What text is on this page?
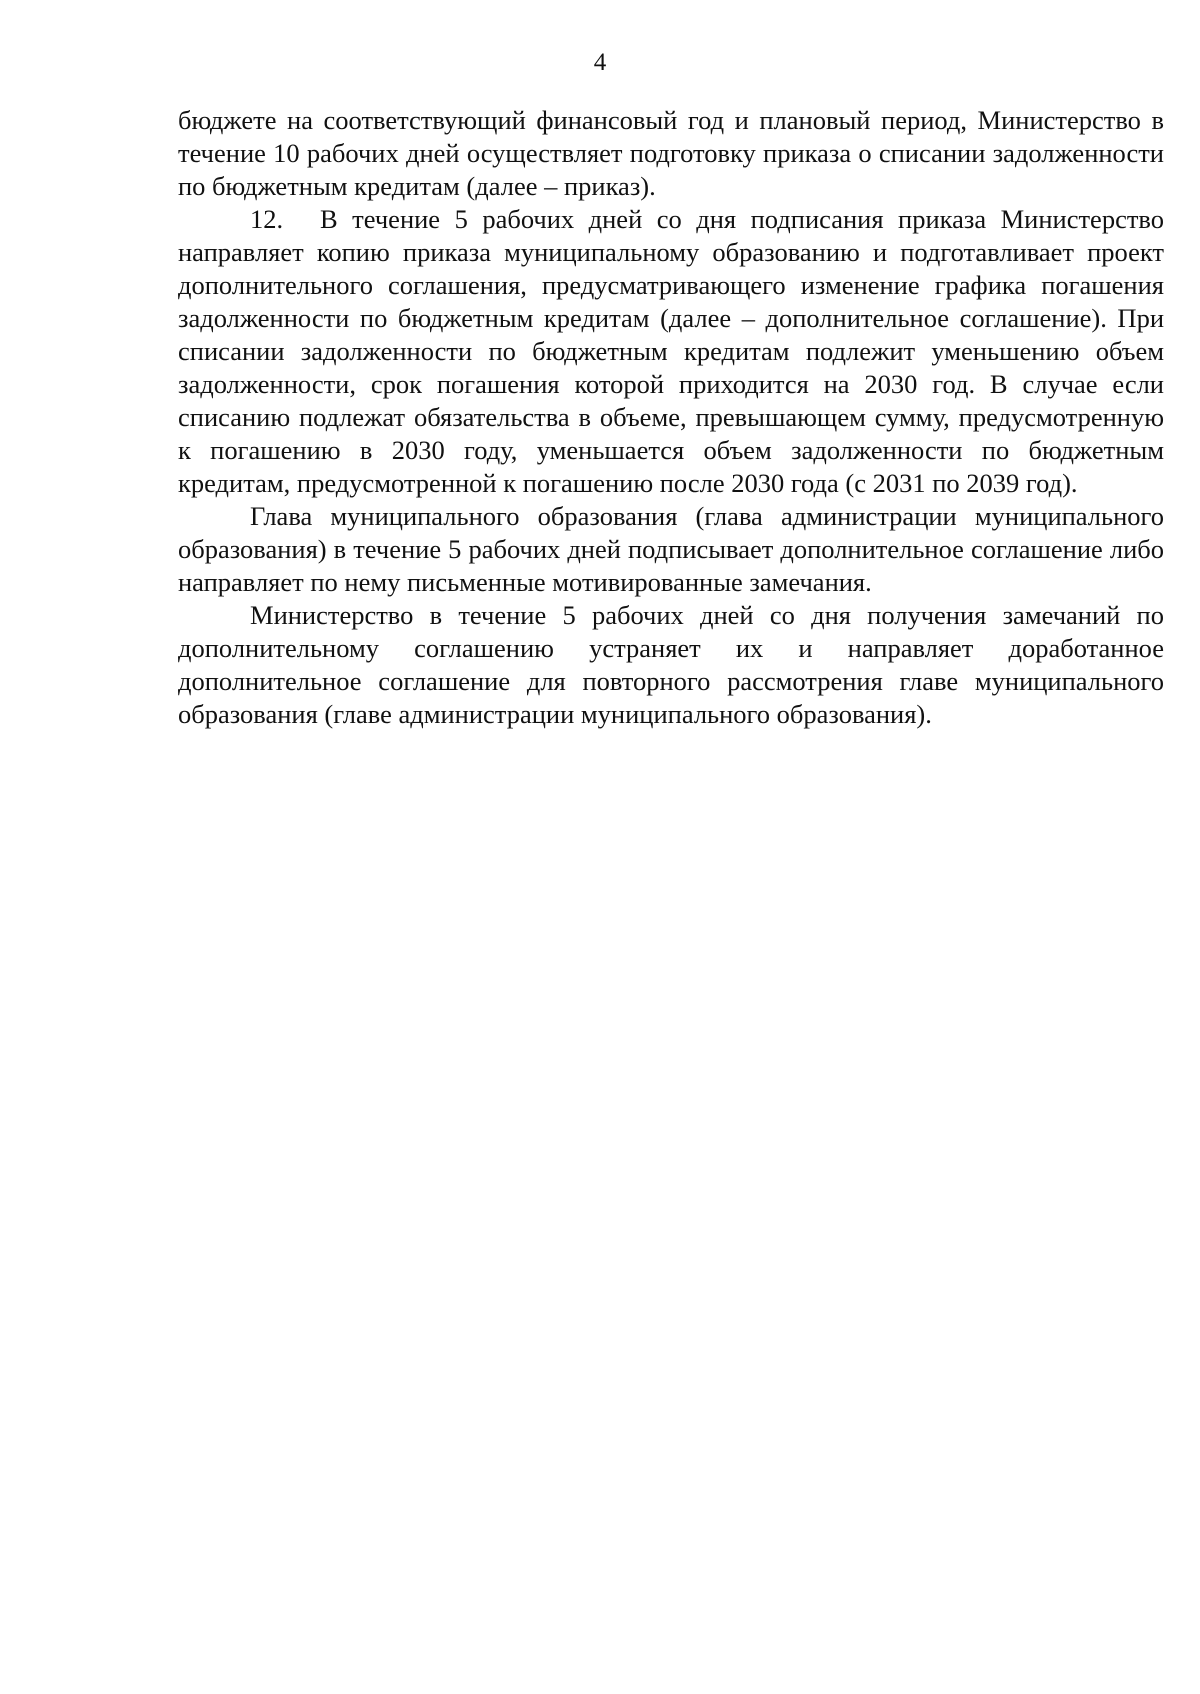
4

бюджете на соответствующий финансовый год и плановый период, Министерство в течение 10 рабочих дней осуществляет подготовку приказа о списании задолженности по бюджетным кредитам (далее – приказ).

12. В течение 5 рабочих дней со дня подписания приказа Министерство направляет копию приказа муниципальному образованию и подготавливает проект дополнительного соглашения, предусматривающего изменение графика погашения задолженности по бюджетным кредитам (далее – дополнительное соглашение). При списании задолженности по бюджетным кредитам подлежит уменьшению объем задолженности, срок погашения которой приходится на 2030 год. В случае если списанию подлежат обязательства в объеме, превышающем сумму, предусмотренную к погашению в 2030 году, уменьшается объем задолженности по бюджетным кредитам, предусмотренной к погашению после 2030 года (с 2031 по 2039 год).

Глава муниципального образования (глава администрации муниципального образования) в течение 5 рабочих дней подписывает дополнительное соглашение либо направляет по нему письменные мотивированные замечания.

Министерство в течение 5 рабочих дней со дня получения замечаний по дополнительному соглашению устраняет их и направляет доработанное дополнительное соглашение для повторного рассмотрения главе муниципального образования (главе администрации муниципального образования).
